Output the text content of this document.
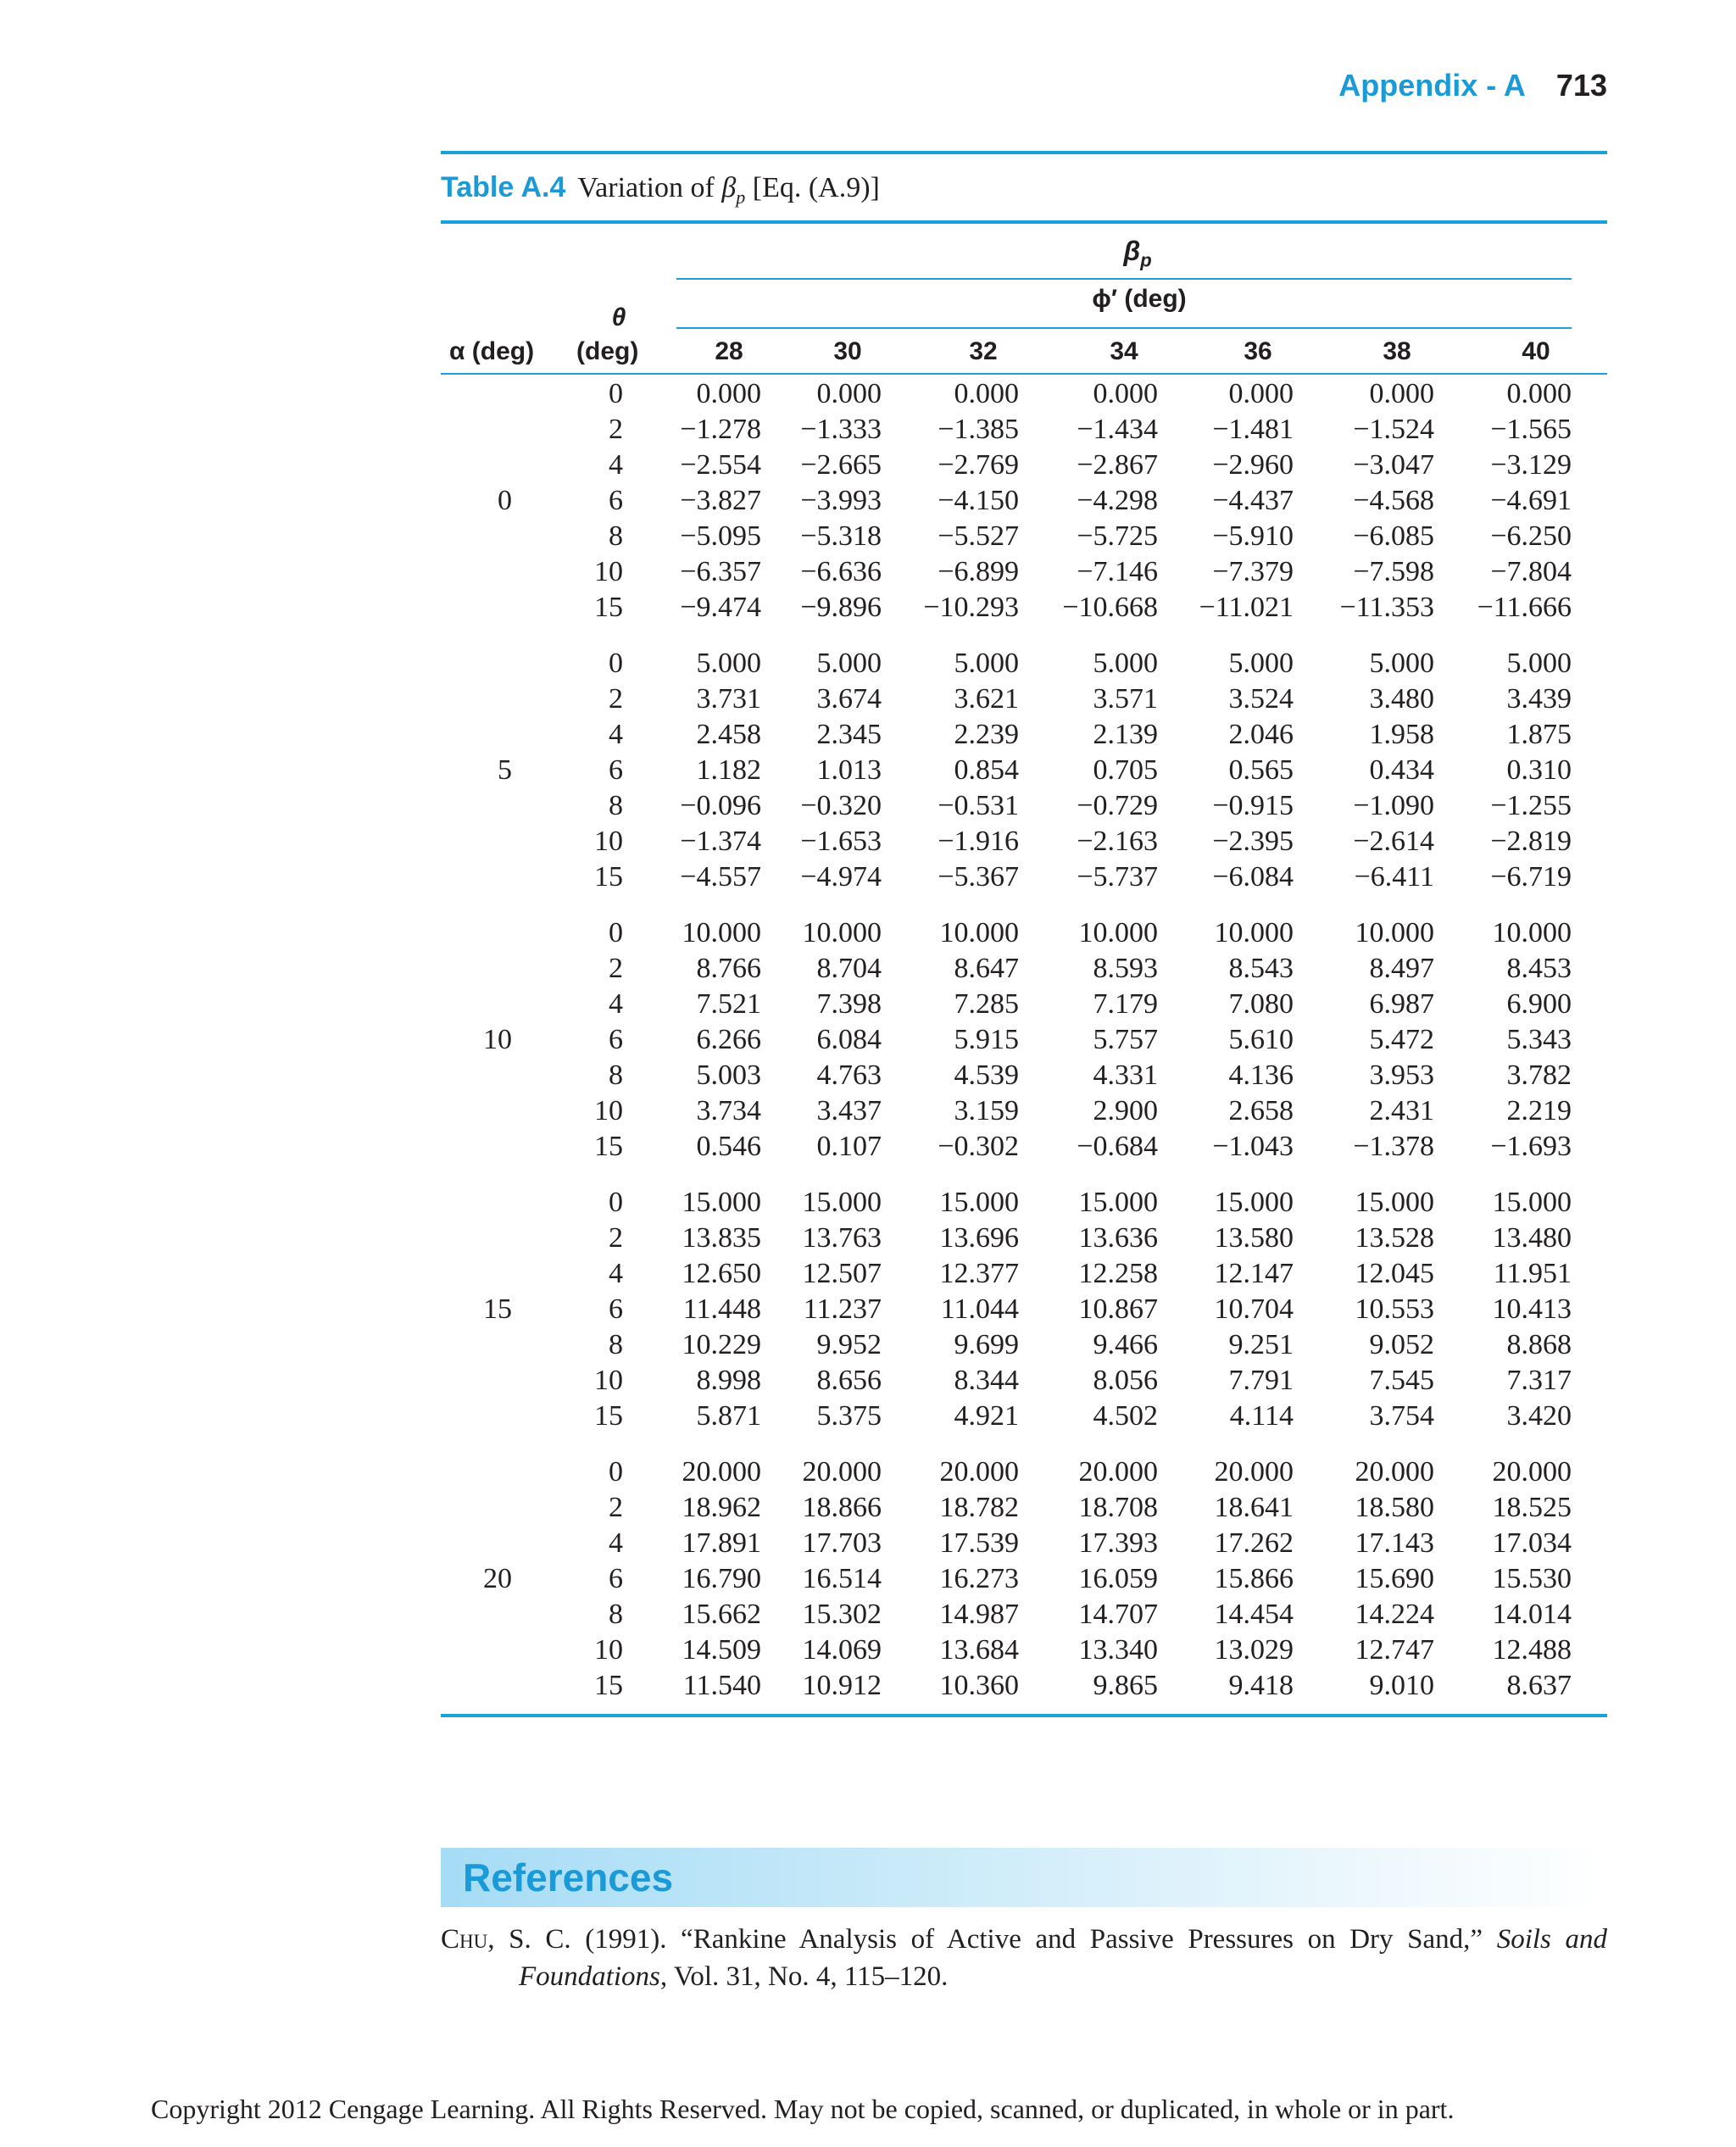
Appendix - A 713
Table A.4 Variation of $\beta_p$ [Eq. (A.9)]
$\beta_p$
ϕ′ (deg)
θ
α (deg) (deg)	28	30	32	34	36	38	40
0
0	0.000 0.000	0.000	0.000 0.000	0.000	0.000
2 −1.278 −1.333 −1.385 −1.434 −1.481 −1.524 −1.565
4 −2.554 −2.665 −2.769 −2.867 −2.960 −3.047 −3.129
6 −3.827 −3.993 −4.150 −4.298 −4.437 −4.568 −4.691
8 −5.095 −5.318 −5.527 −5.725 −5.910 −6.085 −6.250
10 −6.357 −6.636 −6.899 −7.146 −7.379 −7.598 −7.804
15 −9.474 −9.896 −10.293 −10.668 −11.021 −11.353 −11.666
5
0	5.000 5.000	5.000	5.000 5.000	5.000	5.000
2	3.731 3.674	3.621	3.571 3.524	3.480	3.439
4	2.458 2.345	2.239	2.139 2.046	1.958	1.875
6	1.182 1.013	0.854	0.705 0.565	0.434	0.310
8 −0.096 −0.320 −0.531 −0.729 −0.915 −1.090 −1.255
10 −1.374 −1.653 −1.916 −2.163 −2.395 −2.614 −2.819
15 −4.557 −4.974 −5.367 −5.737 −6.084 −6.411 −6.719
10
0 10.000 10.000 10.000 10.000 10.000 10.000 10.000
2	8.766 8.704	8.647	8.593 8.543	8.497	8.453
4	7.521 7.398	7.285	7.179 7.080	6.987	6.900
6	6.266 6.084	5.915	5.757 5.610	5.472	5.343
8	5.003 4.763	4.539	4.331 4.136	3.953	3.782
10	3.734 3.437	3.159	2.900 2.658	2.431	2.219
15	0.546 0.107 −0.302 −0.684 −1.043 −1.378 −1.693
15
0 15.000 15.000 15.000 15.000 15.000 15.000 15.000
2 13.835 13.763 13.696 13.636 13.580 13.528 13.480
4 12.650 12.507 12.377 12.258 12.147 12.045 11.951
6 11.448 11.237 11.044 10.867 10.704 10.553 10.413
8 10.229 9.952	9.699	9.466 9.251	9.052	8.868
10	8.998 8.656	8.344	8.056 7.791	7.545	7.317
15	5.871 5.375	4.921	4.502 4.114	3.754	3.420
20
0 20.000 20.000 20.000 20.000 20.000 20.000 20.000
2 18.962 18.866 18.782 18.708 18.641 18.580 18.525
4 17.891 17.703 17.539 17.393 17.262 17.143 17.034
6 16.790 16.514 16.273 16.059 15.866 15.690 15.530
8 15.662 15.302 14.987 14.707 14.454 14.224 14.014
10 14.509 14.069 13.684 13.340 13.029 12.747 12.488
15 11.540 10.912 10.360	9.865 9.418	9.010	8.637
References
Chu, S. C. (1991). “Rankine Analysis of Active and Passive Pressures on Dry Sand,” Soils and Foundations, Vol. 31, No. 4, 115–120.
Copyright 2012 Cengage Learning. All Rights Reserved. May not be copied, scanned, or duplicated, in whole or in part.
